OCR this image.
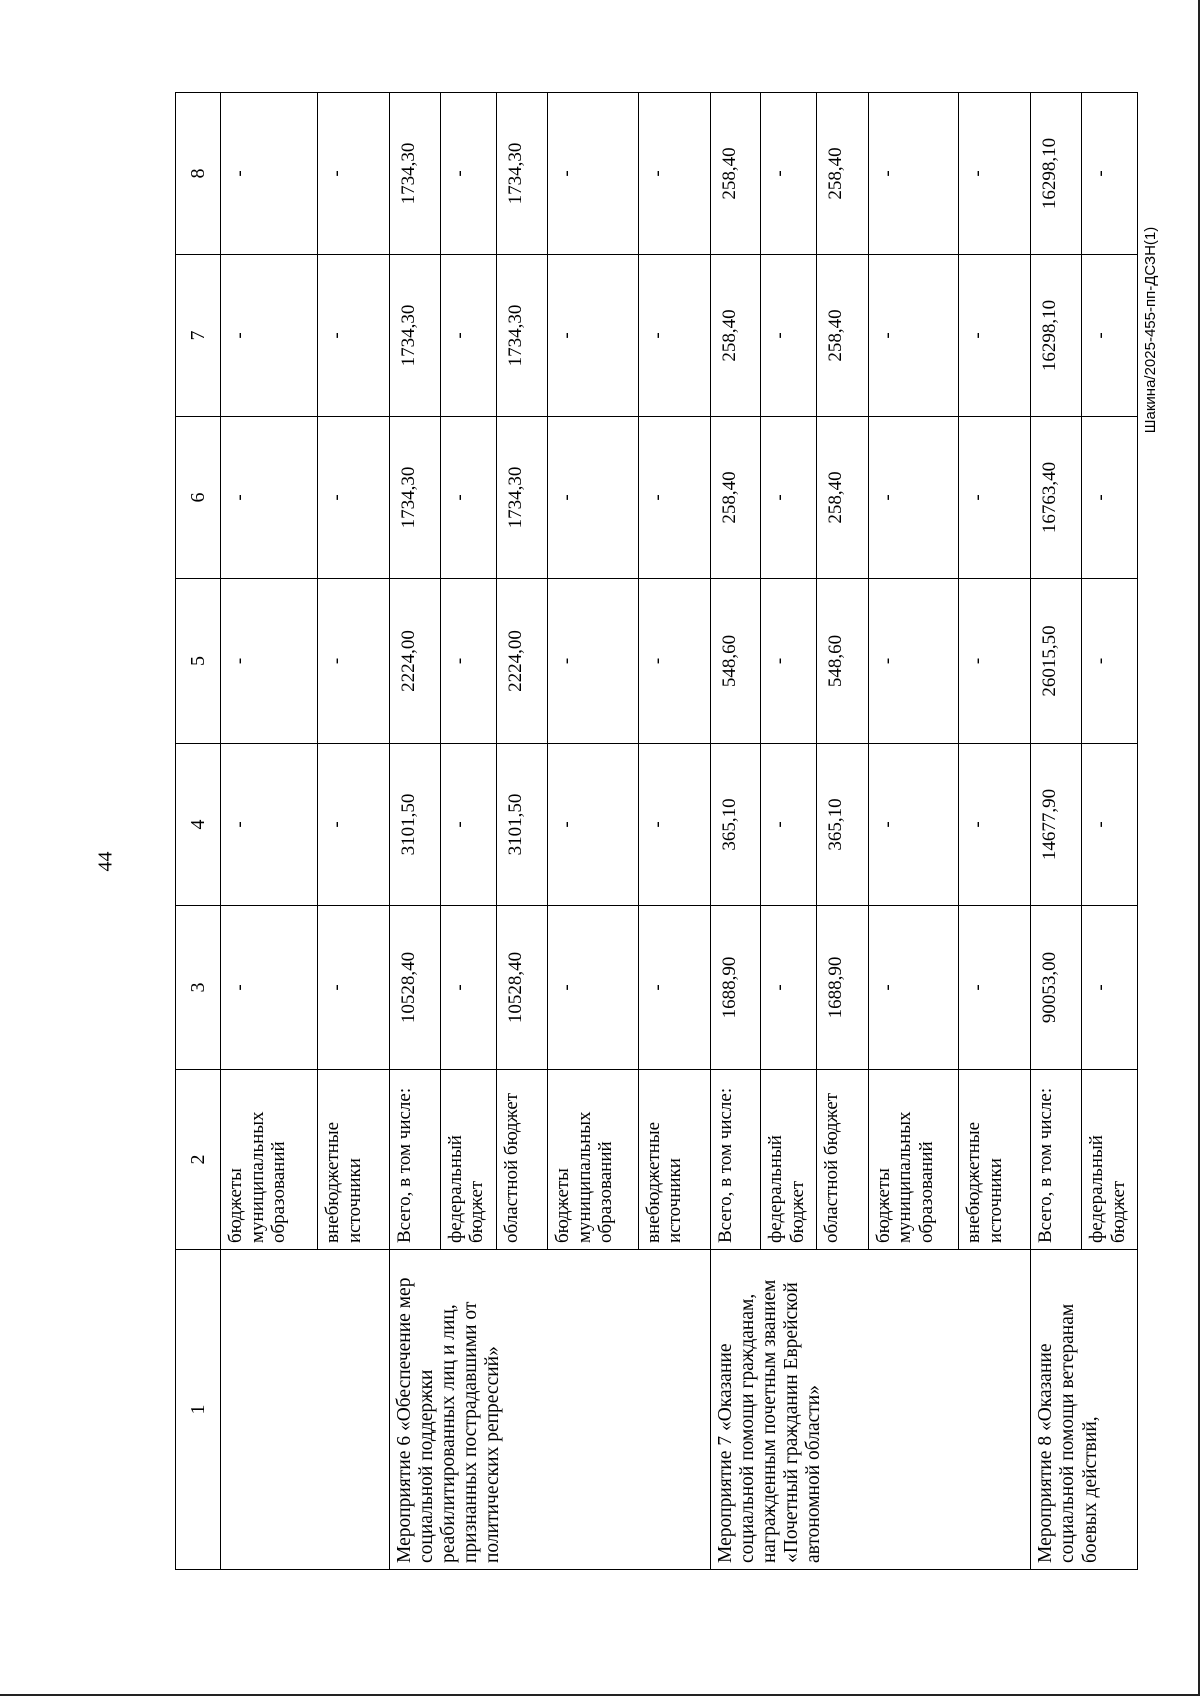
44
Шакина/2025-455-пп-ДСЗН(1)
1	2	3	4	5	6	7	8
	бюджеты муниципальных образований	-	-	-	-	-	-
	внебюджетные источники	-	-	-	-	-	-
Мероприятие 6 «Обеспечение мер социальной поддержки реабилитированных лиц и лиц, признанных пострадавшими от политических репрессий»	Всего, в том числе:	10528,40	3101,50	2224,00	1734,30	1734,30	1734,30
	федеральный бюджет	-	-	-	-	-	-
	областной бюджет	10528,40	3101,50	2224,00	1734,30	1734,30	1734,30
	бюджеты муниципальных образований	-	-	-	-	-	-
	внебюджетные источники	-	-	-	-	-	-
Мероприятие 7 «Оказание социальной помощи гражданам, награжденным почетным званием «Почетный гражданин Еврейской автономной области»	Всего, в том числе:	1688,90	365,10	548,60	258,40	258,40	258,40
	федеральный бюджет	-	-	-	-	-	-
	областной бюджет	1688,90	365,10	548,60	258,40	258,40	258,40
	бюджеты муниципальных образований	-	-	-	-	-	-
	внебюджетные источники	-	-	-	-	-	-
Мероприятие 8 «Оказание социальной помощи ветеранам боевых действий,	Всего, в том числе:	90053,00	14677,90	26015,50	16763,40	16298,10	16298,10
	федеральный бюджет	-	-	-	-	-	-
